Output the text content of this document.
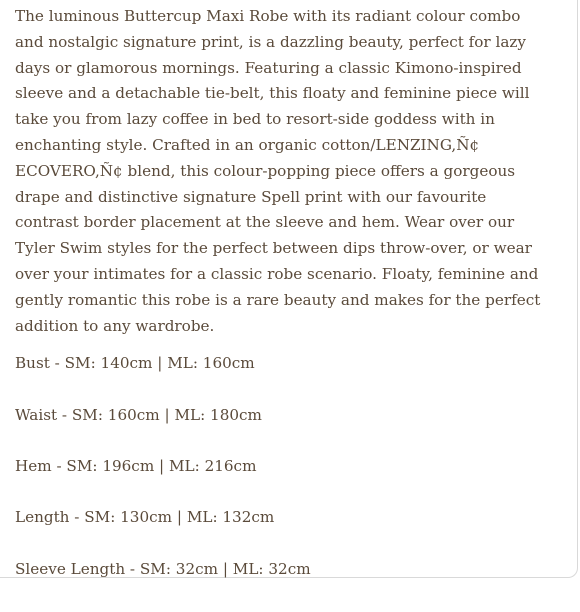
The luminous Buttercup Maxi Robe with its radiant colour combo and nostalgic signature print, is a dazzling beauty, perfect for lazy days or glamorous mornings. Featuring a classic Kimono-inspired sleeve and a detachable tie-belt, this floaty and feminine piece will take you from lazy coffee in bed to resort-side goddess with in enchanting style. Crafted in an organic cotton/LENZING,Ñ¢ ECOVERO,Ñ¢ blend, this colour-popping piece offers a gorgeous drape and distinctive signature Spell print with our favourite contrast border placement at the sleeve and hem. Wear over our Tyler Swim styles for the perfect between dips throw-over, or wear over your intimates for a classic robe scenario. Floaty, feminine and gently romantic this robe is a rare beauty and makes for the perfect addition to any wardrobe.

Bust - SM: 140cm | ML: 160cm

Waist - SM: 160cm | ML: 180cm

Hem - SM: 196cm | ML: 216cm

Length - SM: 130cm | ML: 132cm

Sleeve Length - SM: 32cm | ML: 32cm
